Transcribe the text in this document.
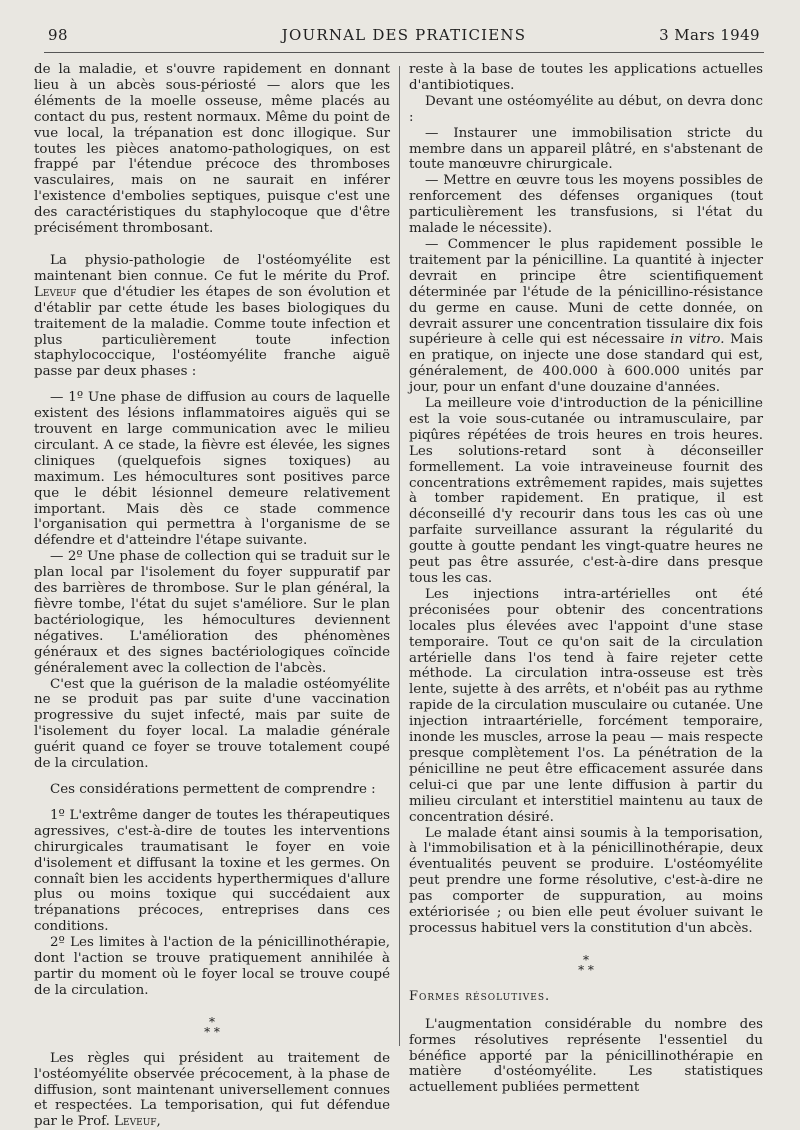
98	JOURNAL DES PRATICIENS	3 Mars 1949

de la maladie, et s'ouvre rapidement en donnant lieu à un abcès sous-périosté — alors que les éléments de la moelle osseuse, même placés au contact du pus, restent normaux. Même du point de vue local, la trépanation est donc illogique. Sur toutes les pièces anatomo-pathologiques, on est frappé par l'étendue précoce des thromboses vasculaires, mais on ne saurait en inférer l'existence d'embolies septiques, puisque c'est une des caractéristiques du staphylocoque que d'être précisément thrombosant.

La physio-pathologie de l'ostéomyélite est maintenant bien connue. Ce fut le mérite du Prof. Leveuf que d'étudier les étapes de son évolution et d'établir par cette étude les bases biologiques du traitement de la maladie. Comme toute infection et plus particulièrement toute infection staphylococcique, l'ostéomyélite franche aiguë passe par deux phases :

— 1º Une phase de diffusion au cours de laquelle existent des lésions inflammatoires aiguës qui se trouvent en large communication avec le milieu circulant. A ce stade, la fièvre est élevée, les signes cliniques (quelquefois signes toxiques) au maximum. Les hémocultures sont positives parce que le débit lésionnel demeure relativement important. Mais dès ce stade commence l'organisation qui permettra à l'organisme de se défendre et d'atteindre l'étape suivante.

— 2º Une phase de collection qui se traduit sur le plan local par l'isolement du foyer suppuratif par des barrières de thrombose. Sur le plan général, la fièvre tombe, l'état du sujet s'améliore. Sur le plan bactériologique, les hémocultures deviennent négatives. L'amélioration des phénomènes généraux et des signes bactériologiques coïncide généralement avec la collection de l'abcès.

C'est que la guérison de la maladie ostéomyélite ne se produit pas par suite d'une vaccination progressive du sujet infecté, mais par suite de l'isolement du foyer local. La maladie générale guérit quand ce foyer se trouve totalement coupé de la circulation.

Ces considérations permettent de comprendre :

1º L'extrême danger de toutes les thérapeutiques agressives, c'est-à-dire de toutes les interventions chirurgicales traumatisant le foyer en voie d'isolement et diffusant la toxine et les germes. On connaît bien les accidents hyperthermiques d'allure plus ou moins toxique qui succédaient aux trépanations précoces, entreprises dans ces conditions.

2º Les limites à l'action de la pénicillinothérapie, dont l'action se trouve pratiquement annihilée à partir du moment où le foyer local se trouve coupé de la circulation.

*
* *

Les règles qui président au traitement de l'ostéomyélite observée précocement, à la phase de diffusion, sont maintenant universellement connues et respectées. La temporisation, qui fut défendue par le Prof. Leveuf,

reste à la base de toutes les applications actuelles d'antibiotiques.

Devant une ostéomyélite au début, on devra donc :

— Instaurer une immobilisation stricte du membre dans un appareil plâtré, en s'abstenant de toute manœuvre chirurgicale.

— Mettre en œuvre tous les moyens possibles de renforcement des défenses organiques (tout particulièrement les transfusions, si l'état du malade le nécessite).

— Commencer le plus rapidement possible le traitement par la pénicilline. La quantité à injecter devrait en principe être scientifiquement déterminée par l'étude de la pénicillino-résistance du germe en cause. Muni de cette donnée, on devrait assurer une concentration tissulaire dix fois supérieure à celle qui est nécessaire in vitro. Mais en pratique, on injecte une dose standard qui est, généralement, de 400.000 à 600.000 unités par jour, pour un enfant d'une douzaine d'années.

La meilleure voie d'introduction de la pénicilline est la voie sous-cutanée ou intramusculaire, par piqûres répétées de trois heures en trois heures. Les solutions-retard sont à déconseiller formellement. La voie intraveineuse fournit des concentrations extrêmement rapides, mais sujettes à tomber rapidement. En pratique, il est déconseillé d'y recourir dans tous les cas où une parfaite surveillance assurant la régularité du goutte à goutte pendant les vingt-quatre heures ne peut pas être assurée, c'est-à-dire dans presque tous les cas.

Les injections intra-artérielles ont été préconisées pour obtenir des concentrations locales plus élevées avec l'appoint d'une stase temporaire. Tout ce qu'on sait de la circulation artérielle dans l'os tend à faire rejeter cette méthode. La circulation intra-osseuse est très lente, sujette à des arrêts, et n'obéit pas au rythme rapide de la circulation musculaire ou cutanée. Une injection intraartérielle, forcément temporaire, inonde les muscles, arrose la peau — mais respecte presque complètement l'os. La pénétration de la pénicilline ne peut être efficacement assurée dans celui-ci que par une lente diffusion à partir du milieu circulant et interstitiel maintenu au taux de concentration désiré.

Le malade étant ainsi soumis à la temporisation, à l'immobilisation et à la pénicillinothérapie, deux éventualités peuvent se produire. L'ostéomyélite peut prendre une forme résolutive, c'est-à-dire ne pas comporter de suppuration, au moins extériorisée ; ou bien elle peut évoluer suivant le processus habituel vers la constitution d'un abcès.

*
* *
Formes résolutives.

L'augmentation considérable du nombre des formes résolutives représente l'essentiel du bénéfice apporté par la pénicillinothérapie en matière d'ostéomyélite. Les statistiques actuellement publiées permettent
